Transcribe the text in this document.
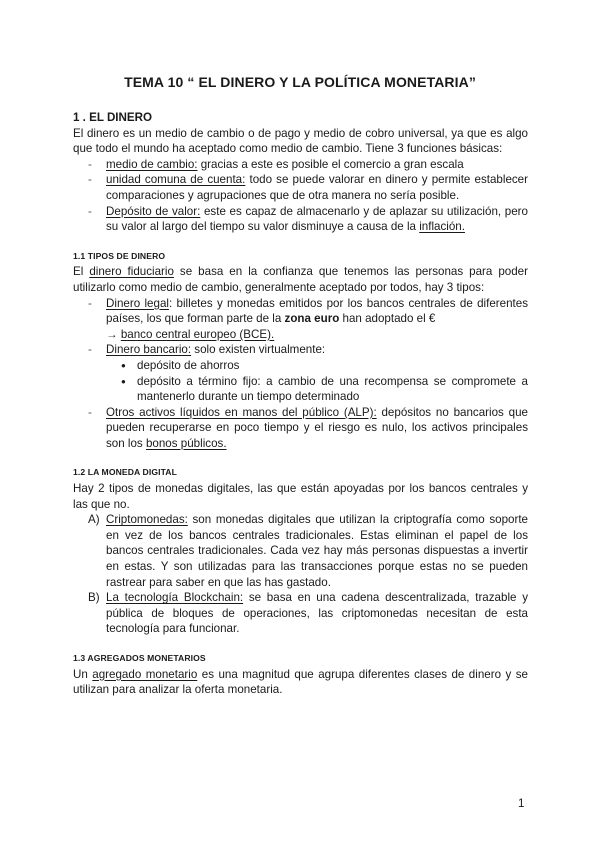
TEMA 10 “ EL DINERO Y LA POLÍTICA MONETARIA”
1 . EL DINERO

El dinero es un medio de cambio o de pago y medio de cobro universal, ya que es algo que todo el mundo ha aceptado como medio de cambio. Tiene 3 funciones básicas:

- medio de cambio: gracias a este es posible el comercio a gran escala
- unidad comuna de cuenta: todo se puede valorar en dinero y permite establecer comparaciones y agrupaciones que de otra manera no sería posible.
- Depósito de valor: este es capaz de almacenarlo y de aplazar su utilización, pero su valor al largo del tiempo su valor disminuye a causa de la inflación.
1.1 TIPOS DE DINERO

El dinero fiduciario se basa en la confianza que tenemos las personas para poder utilizarlo como medio de cambio, generalmente aceptado por todos, hay 3 tipos:

- Dinero legal: billetes y monedas emitidos por los bancos centrales de diferentes países, los que forman parte de la zona euro han adoptado el €
→ banco central europeo (BCE).
- Dinero bancario: solo existen virtualmente:
● depósito de ahorros
● depósito a término fijo: a cambio de una recompensa se compromete a mantenerlo durante un tiempo determinado
- Otros activos líquidos en manos del público (ALP): depósitos no bancarios que pueden recuperarse en poco tiempo y el riesgo es nulo, los activos principales son los bonos públicos.
1.2 LA MONEDA DIGITAL

Hay 2 tipos de monedas digitales, las que están apoyadas por los bancos centrales y las que no.

A) Criptomonedas: son monedas digitales que utilizan la criptografía como soporte en vez de los bancos centrales tradicionales. Estas eliminan el papel de los bancos centrales tradicionales. Cada vez hay más personas dispuestas a invertir en estas. Y son utilizadas para las transacciones porque estas no se pueden rastrear para saber en que las has gastado.
B) La tecnología Blockchain: se basa en una cadena descentralizada, trazable y pública de bloques de operaciones, las criptomonedas necesitan de esta tecnología para funcionar.
1.3 AGREGADOS MONETARIOS

Un agregado monetario es una magnitud que agrupa diferentes clases de dinero y se utilizan para analizar la oferta monetaria.

1
